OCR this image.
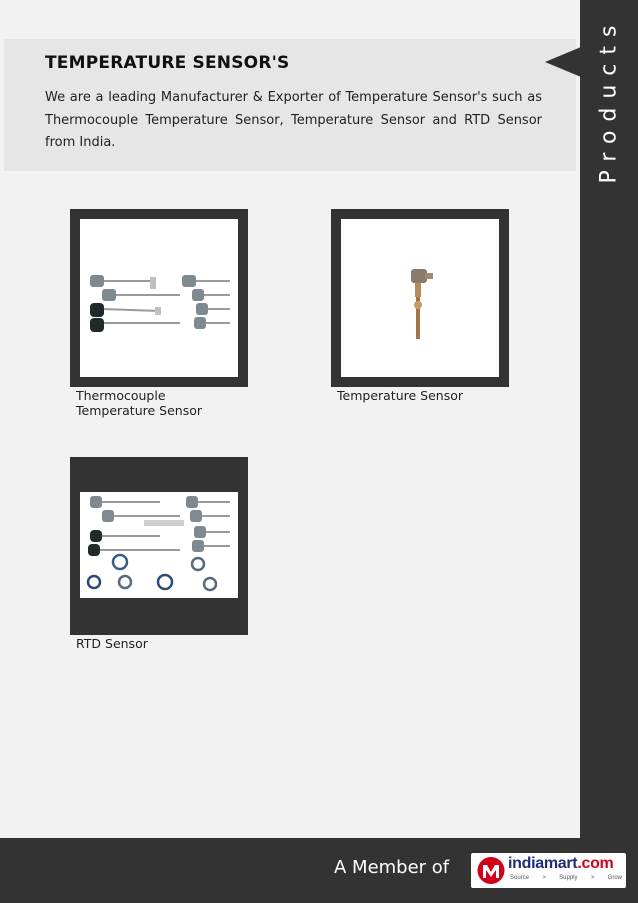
TEMPERATURE SENSOR'S
We are a leading Manufacturer & Exporter of Temperature Sensor's such as Thermocouple Temperature Sensor, Temperature Sensor and RTD Sensor from India.	Products
Thermocouple
Temperature Sensor
Temperature Sensor
RTD Sensor
A Member of	indiamart.com
Source > Supply > Grow
